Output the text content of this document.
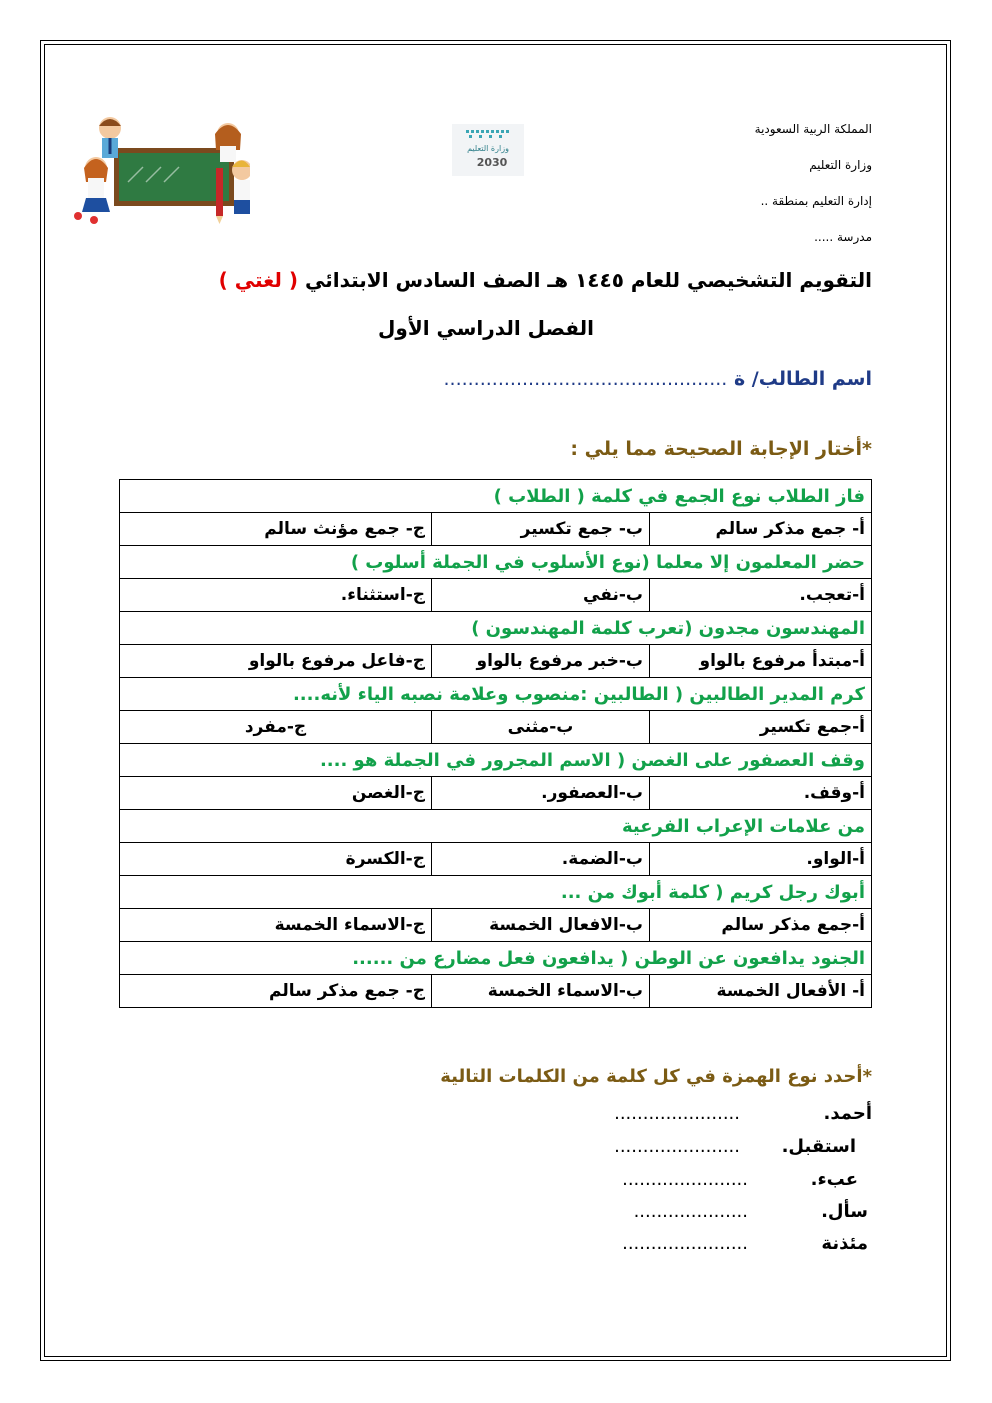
المملكة الربية السعودية
وزارة التعليم
إدارة التعليم بمنطقة ..
مدرسة .....
وزارة التعليم
2030
التقويم التشخيصي للعام ١٤٤٥ هـ الصف السادس الابتدائي ( لغتي )
الفصل الدراسي الأول
اسم الطالب/ ة ...............................................
*أختار الإجابة الصحيحة مما يلي :
فاز الطلاب نوع الجمع في كلمة ( الطلاب )		
أ- جمع مذكر سالم	ب- جمع تكسير	ج- جمع مؤنث سالم
حضر المعلمون إلا معلما (نوع الأسلوب في الجملة أسلوب )		
أ-تعجب.	ب-نفي	ج-استثناء.
المهندسون مجدون (تعرب كلمة المهندسون )		
أ-مبتدأ مرفوع بالواو	ب-خبر مرفوع بالواو	ج-فاعل مرفوع بالواو
كرم المدير الطالبين ( الطالبين :منصوب وعلامة نصبه الياء لأنه....		
أ-جمع تكسير	ب-مثنى	ج-مفرد
وقف العصفور على الغصن ( الاسم المجرور في الجملة هو ....		
أ-وقف.	ب-العصفور.	ج-الغصن
من علامات الإعراب الفرعية		
أ-الواو.	ب-الضمة.	ج-الكسرة
أبوك رجل كريم ( كلمة أبوك من ...		
أ-جمع مذكر سالم	ب-الافعال الخمسة	ج-الاسماء الخمسة
الجنود يدافعون عن الوطن ( يدافعون فعل مضارع من ......		
أ- الأفعال الخمسة	ب-الاسماء الخمسة	ج- جمع مذكر سالم
*أحدد نوع الهمزة في كل كلمة من الكلمات التالية
أحمد.
......................
استقبل.
......................
عبء.
......................
سأل.
....................
مئذنة
......................
